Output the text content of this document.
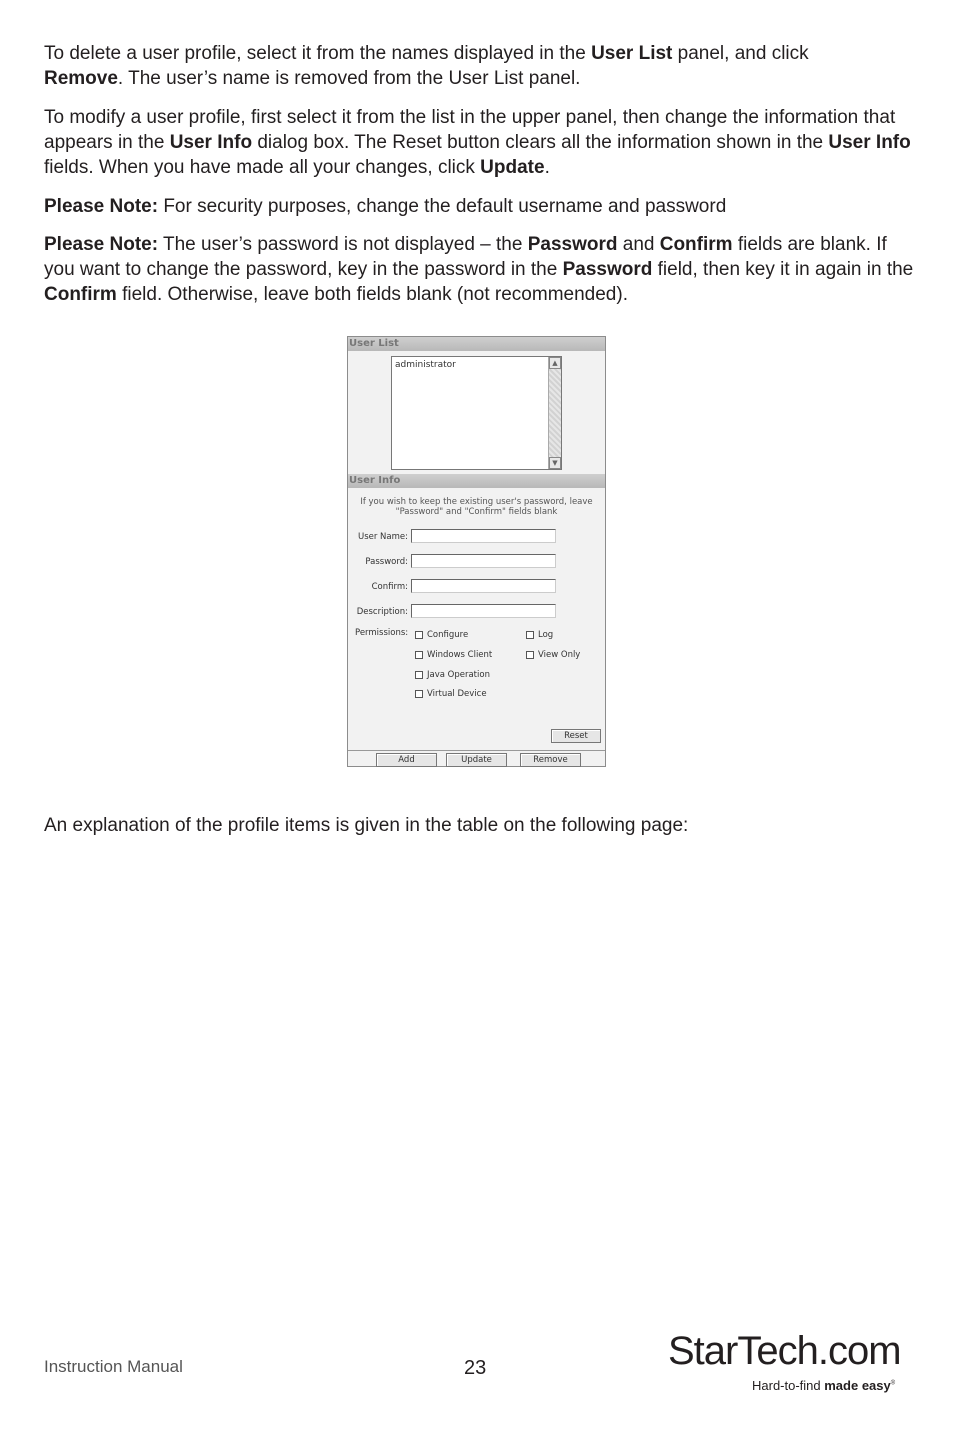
To delete a user profile, select it from the names displayed in the User List panel, and click
Remove. The user’s name is removed from the User List panel.

To modify a user profile, first select it from the list in the upper panel, then change the information that appears in the User Info dialog box. The Reset button clears all the information shown in the User Info fields. When you have made all your changes, click Update.

Please Note: For security purposes, change the default username and password

Please Note: The user’s password is not displayed – the Password and Confirm fields are blank. If you want to change the password, key in the password in the Password field, then key it in again in the Confirm field. Otherwise, leave both fields blank (not recommended).

User List
administrator	▲
▼
User Info
If you wish to keep the existing user's password, leave "Password" and "Confirm" fields blank
User Name:
Password:
Confirm:
Description:
Permissions:	Configure	Log
Windows Client	View Only
Java Operation
Virtual Device
Reset
Add	Update	Remove

An explanation of the profile items is given in the table on the following page:

Instruction Manual	23	StarTech.com
Hard-to-find made easy®
